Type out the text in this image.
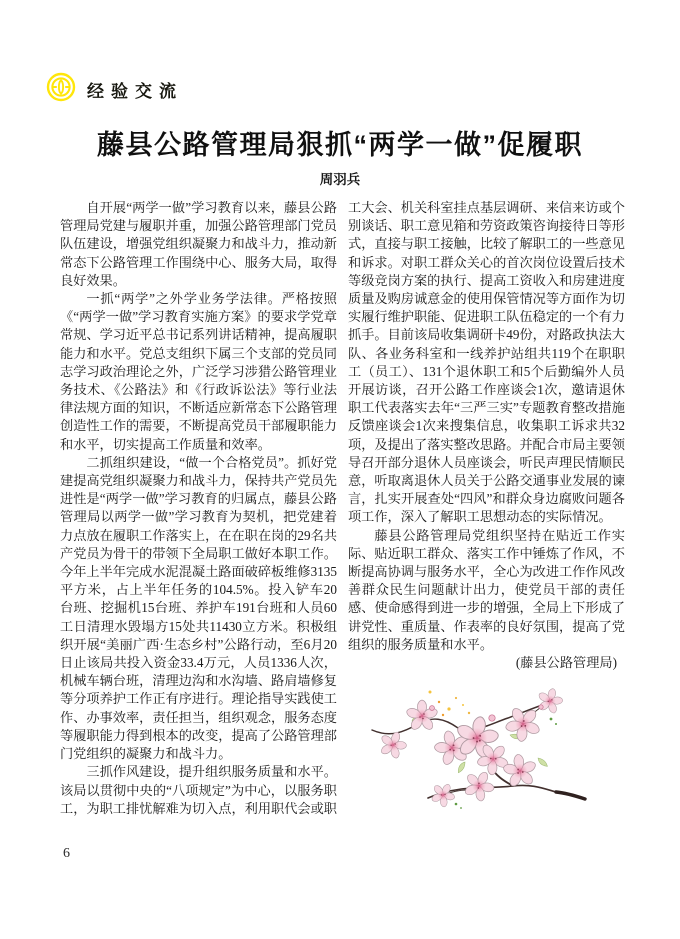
经验交流
藤县公路管理局狠抓“两学一做”促履职
周羽兵

自开展“两学一做”学习教育以来，藤县公路管理局党建与履职并重，加强公路管理部门党员队伍建设，增强党组织凝聚力和战斗力，推动新常态下公路管理工作围绕中心、服务大局，取得良好效果。

一抓“两学”之外学业务学法律。严格按照《“两学一做”学习教育实施方案》的要求学党章常规、学习近平总书记系列讲话精神，提高履职能力和水平。党总支组织下属三个支部的党员同志学习政治理论之外，广泛学习涉猎公路管理业务技术、《公路法》和《行政诉讼法》等行业法律法规方面的知识，不断适应新常态下公路管理创造性工作的需要，不断提高党员干部履职能力和水平，切实提高工作质量和效率。

二抓组织建设，“做一个合格党员”。抓好党建提高党组织凝聚力和战斗力，保持共产党员先进性是“两学一做”学习教育的归属点，藤县公路管理局以两学一做”学习教育为契机，把党建着力点放在履职工作落实上，在在职在岗的29名共产党员为骨干的带领下全局职工做好本职工作。今年上半年完成水泥混凝土路面破碎板维修3135平方米，占上半年任务的104.5%。投入铲车20台班、挖掘机15台班、养护车191台班和人员60 工日清理水毁塌方15处共11430立方米。积极组织开展“美丽广西·生态乡村”公路行动，至6月20日止该局共投入资金33.4万元，人员1336人次，机械车辆台班，清理边沟和水沟墙、路肩墙修复等分项养护工作正有序进行。理论指导实践使工作、办事效率，责任担当，组织观念，服务态度等履职能力得到根本的改变，提高了公路管理部门党组织的凝聚力和战斗力。

三抓作风建设，提升组织服务质量和水平。该局以贯彻中央的“八项规定”为中心，以服务职工，为职工排忧解难为切入点，利用职代会或职工大会、机关科室挂点基层调研、来信来访或个别谈话、职工意见箱和劳资政策咨询接待日等形式，直接与职工接触，比较了解职工的一些意见和诉求。对职工群众关心的首次岗位设置后技术等级竞岗方案的执行、提高工资收入和房建进度质量及购房诚意金的使用保管情况等方面作为切实履行维护职能、促进职工队伍稳定的一个有力抓手。目前该局收集调研卡49份，对路政执法大队、各业务科室和一线养护站组共119个在职职工（员工）、131个退休职工和5个后勤编外人员开展访谈，召开公路工作座谈会1次，邀请退休职工代表落实去年“三严三实”专题教育整改措施反馈座谈会1次来搜集信息，收集职工诉求共32项，及提出了落实整改思路。并配合市局主要领导召开部分退休人员座谈会，听民声理民情顺民意，听取离退休人员关于公路交通事业发展的谏言，扎实开展查处“四风”和群众身边腐败问题各项工作，深入了解职工思想动态的实际情况。

藤县公路管理局党组织坚持在贴近工作实际、贴近职工群众、落实工作中锤炼了作风，不断提高协调与服务水平，全心为改进工作作风改善群众民生问题献计出力，使党员干部的责任感、使命感得到进一步的增强，全局上下形成了讲党性、重质量、作表率的良好氛围，提高了党组织的服务质量和水平。

(藤县公路管理局)

6
